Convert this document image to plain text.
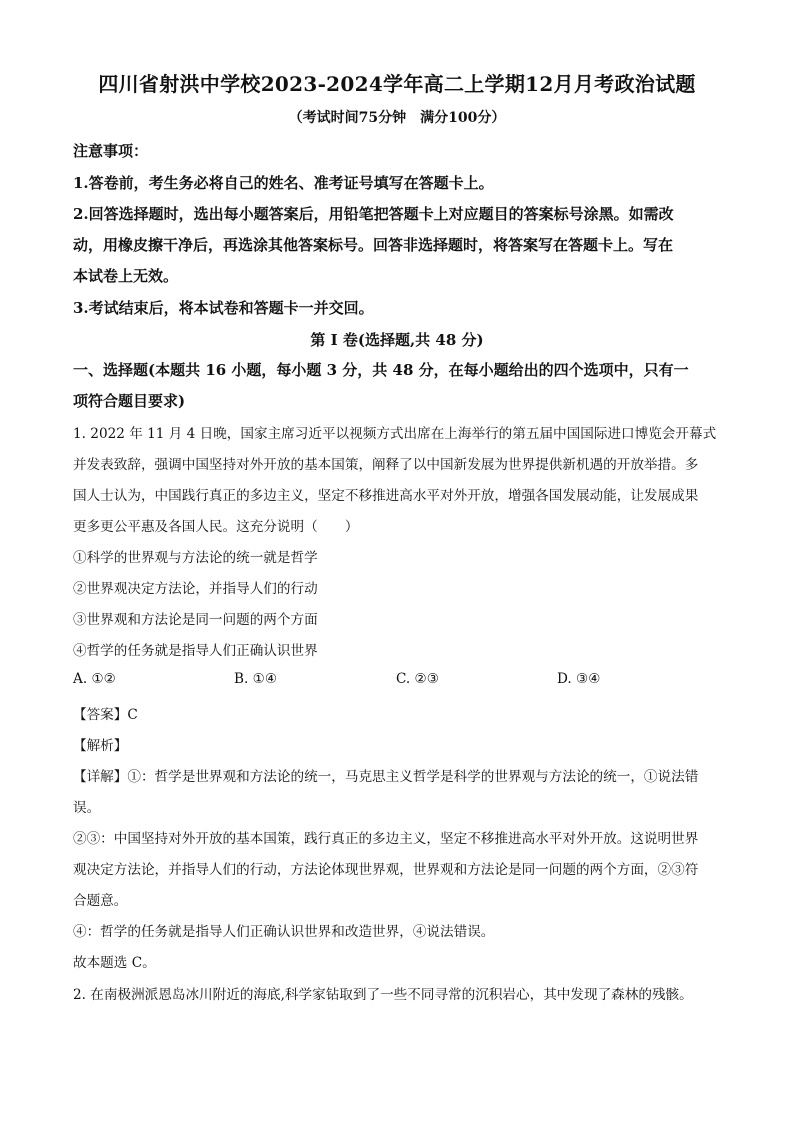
四川省射洪中学校2023-2024学年高二上学期12月月考政治试题
（考试时间75分钟　满分100分）
注意事项：
1.答卷前，考生务必将自己的姓名、准考证号填写在答题卡上。
2.回答选择题时，选出每小题答案后，用铅笔把答题卡上对应题目的答案标号涂黑。如需改
动，用橡皮擦干净后，再选涂其他答案标号。回答非选择题时，将答案写在答题卡上。写在
本试卷上无效。
3.考试结束后，将本试卷和答题卡一并交回。
第 I 卷(选择题,共 48 分)
一、选择题(本题共 16 小题，每小题 3 分，共 48 分，在每小题给出的四个选项中，只有一
项符合题目要求)
1. 2022 年 11 月 4 日晚，国家主席习近平以视频方式出席在上海举行的第五届中国国际进口博览会开幕式
并发表致辞，强调中国坚持对外开放的基本国策，阐释了以中国新发展为世界提供新机遇的开放举措。多
国人士认为，中国践行真正的多边主义，坚定不移推进高水平对外开放，增强各国发展动能，让发展成果
更多更公平惠及各国人民。这充分说明（　　）
①科学的世界观与方法论的统一就是哲学
②世界观决定方法论，并指导人们的行动
③世界观和方法论是同一问题的两个方面
④哲学的任务就是指导人们正确认识世界
A. ①②	B. ①④	C. ②③	D. ③④
【答案】C
【解析】
【详解】①：哲学是世界观和方法论的统一，马克思主义哲学是科学的世界观与方法论的统一，①说法错
误。
②③：中国坚持对外开放的基本国策，践行真正的多边主义，坚定不移推进高水平对外开放。这说明世界
观决定方法论，并指导人们的行动，方法论体现世界观，世界观和方法论是同一问题的两个方面，②③符
合题意。
④：哲学的任务就是指导人们正确认识世界和改造世界，④说法错误。
故本题选 C。
2. 在南极洲派恩岛冰川附近的海底,科学家钻取到了一些不同寻常的沉积岩心，其中发现了森林的残骸。
